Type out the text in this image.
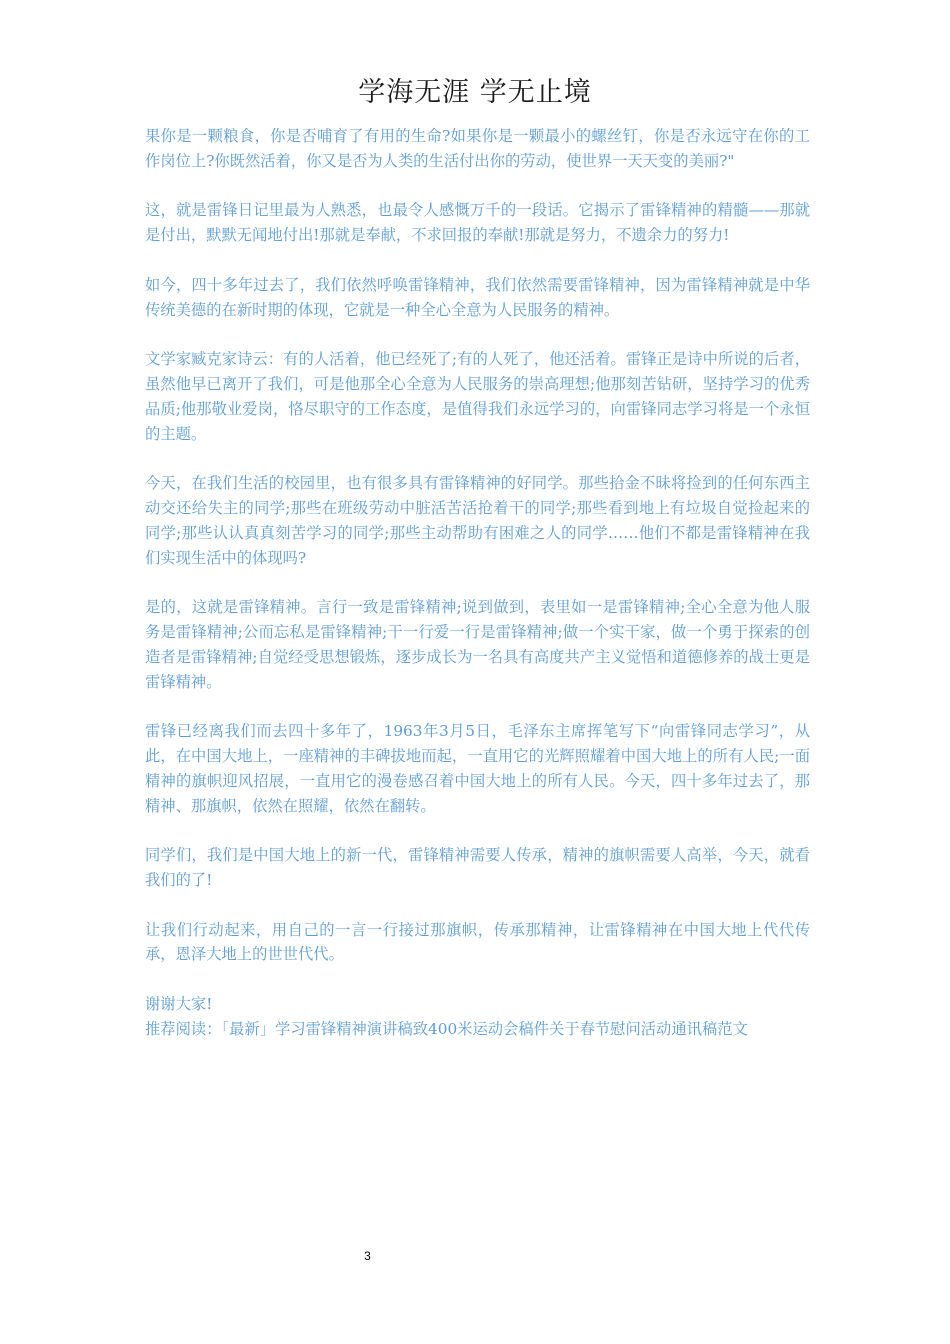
学海无涯 学无止境

果你是一颗粮食，你是否哺育了有用的生命?如果你是一颗最小的螺丝钉，你是否永远守在你的工作岗位上?你既然活着，你又是否为人类的生活付出你的劳动，使世界一天天变的美丽?"

这，就是雷锋日记里最为人熟悉，也最令人感慨万千的一段话。它揭示了雷锋精神的精髓——那就是付出，默默无闻地付出!那就是奉献，不求回报的奉献!那就是努力，不遗余力的努力!

如今，四十多年过去了，我们依然呼唤雷锋精神，我们依然需要雷锋精神，因为雷锋精神就是中华传统美德的在新时期的体现，它就是一种全心全意为人民服务的精神。

文学家臧克家诗云：有的人活着，他已经死了;有的人死了，他还活着。雷锋正是诗中所说的后者，虽然他早已离开了我们，可是他那全心全意为人民服务的崇高理想;他那刻苦钻研，坚持学习的优秀品质;他那敬业爱岗，恪尽职守的工作态度，是值得我们永远学习的，向雷锋同志学习将是一个永恒的主题。

今天，在我们生活的校园里，也有很多具有雷锋精神的好同学。那些拾金不昧将捡到的任何东西主动交还给失主的同学;那些在班级劳动中脏活苦活抢着干的同学;那些看到地上有垃圾自觉捡起来的同学;那些认认真真刻苦学习的同学;那些主动帮助有困难之人的同学……他们不都是雷锋精神在我们实现生活中的体现吗?

是的，这就是雷锋精神。言行一致是雷锋精神;说到做到，表里如一是雷锋精神;全心全意为他人服务是雷锋精神;公而忘私是雷锋精神;干一行爱一行是雷锋精神;做一个实干家，做一个勇于探索的创造者是雷锋精神;自觉经受思想锻炼，逐步成长为一名具有高度共产主义觉悟和道德修养的战士更是雷锋精神。

雷锋已经离我们而去四十多年了，1963年3月5日，毛泽东主席挥笔写下“向雷锋同志学习”，从此，在中国大地上，一座精神的丰碑拔地而起，一直用它的光辉照耀着中国大地上的所有人民;一面精神的旗帜迎风招展，一直用它的漫卷感召着中国大地上的所有人民。今天，四十多年过去了，那精神、那旗帜，依然在照耀，依然在翻转。

同学们，我们是中国大地上的新一代，雷锋精神需要人传承，精神的旗帜需要人高举，今天，就看我们的了!

让我们行动起来，用自己的一言一行接过那旗帜，传承那精神，让雷锋精神在中国大地上代代传承，恩泽大地上的世世代代。

谢谢大家!

推荐阅读：「最新」学习雷锋精神演讲稿致400米运动会稿件关于春节慰问活动通讯稿范文

3
